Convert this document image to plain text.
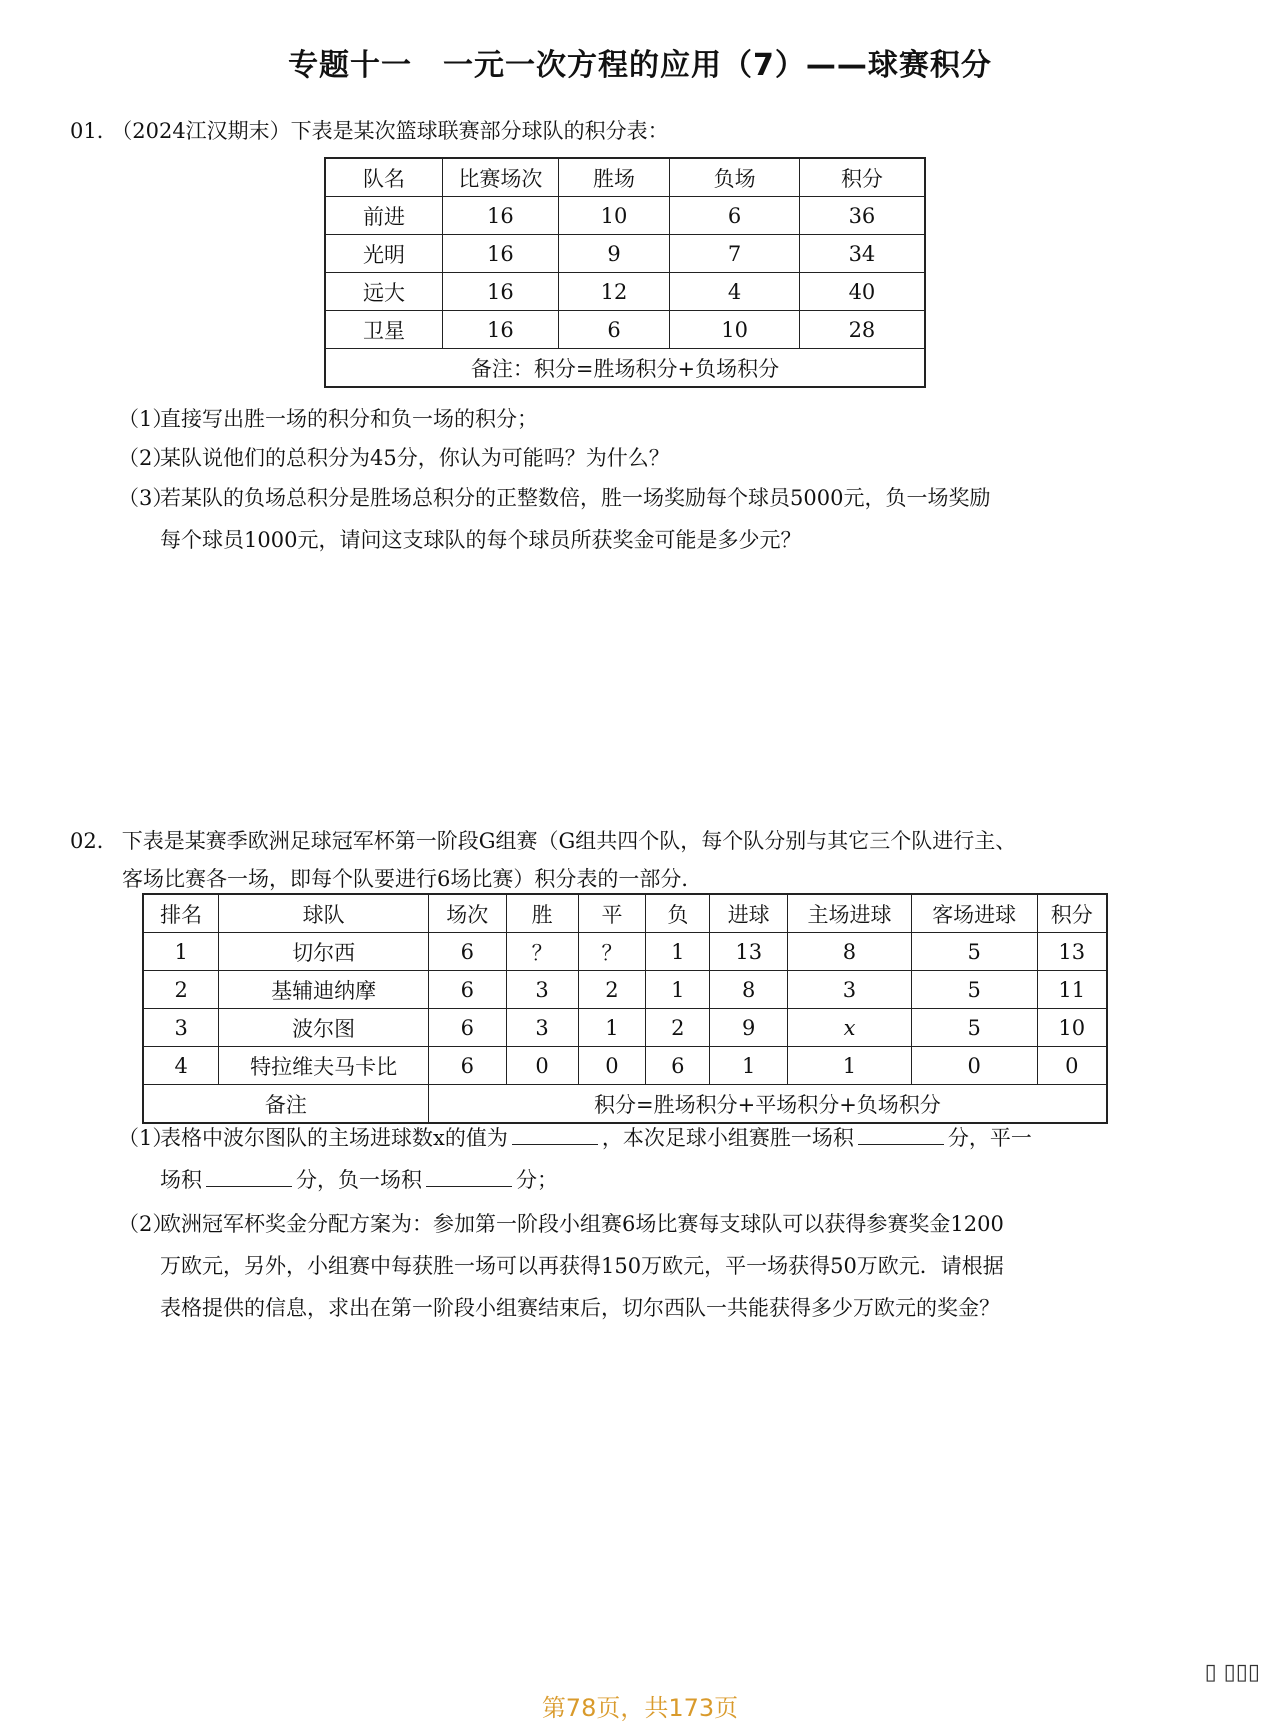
专题十一　一元一次方程的应用（7）——球赛积分
01． （2024江汉期末）下表是某次篮球联赛部分球队的积分表：
队名	比赛场次	胜场	负场	积分
前进	16	10	6	36
光明	16	9	7	34
远大	16	12	4	40
卫星	16	6	10	28
备注：积分=胜场积分+负场积分				
（1）直接写出胜一场的积分和负一场的积分；
（2）某队说他们的总积分为45分，你认为可能吗？为什么？
（3）若某队的负场总积分是胜场总积分的正整数倍，胜一场奖励每个球员5000元，负一场奖励
每个球员1000元，请问这支球队的每个球员所获奖金可能是多少元？
02． 下表是某赛季欧洲足球冠军杯第一阶段G组赛（G组共四个队，每个队分别与其它三个队进行主、
客场比赛各一场，即每个队要进行6场比赛）积分表的一部分．
排名	球队	场次	胜	平	负	进球	主场进球	客场进球	积分
1	切尔西	6	？	？	1	13	8	5	13
2	基辅迪纳摩	6	3	2	1	8	3	5	11
3	波尔图	6	3	1	2	9	x	5	10
4	特拉维夫马卡比	6	0	0	6	1	1	0	0
备注		积分=胜场积分+平场积分+负场积分							
（1）表格中波尔图队的主场进球数x的值为	，本次足球小组赛胜一场积	分，平一
场积	分，负一场积	分；
（2）欧洲冠军杯奖金分配方案为：参加第一阶段小组赛6场比赛每支球队可以获得参赛奖金1200
万欧元，另外，小组赛中每获胜一场可以再获得150万欧元，平一场获得50万欧元．请根据
表格提供的信息，求出在第一阶段小组赛结束后，切尔西队一共能获得多少万欧元的奖金？
▯ ▯▯▯
第78页，共173页
